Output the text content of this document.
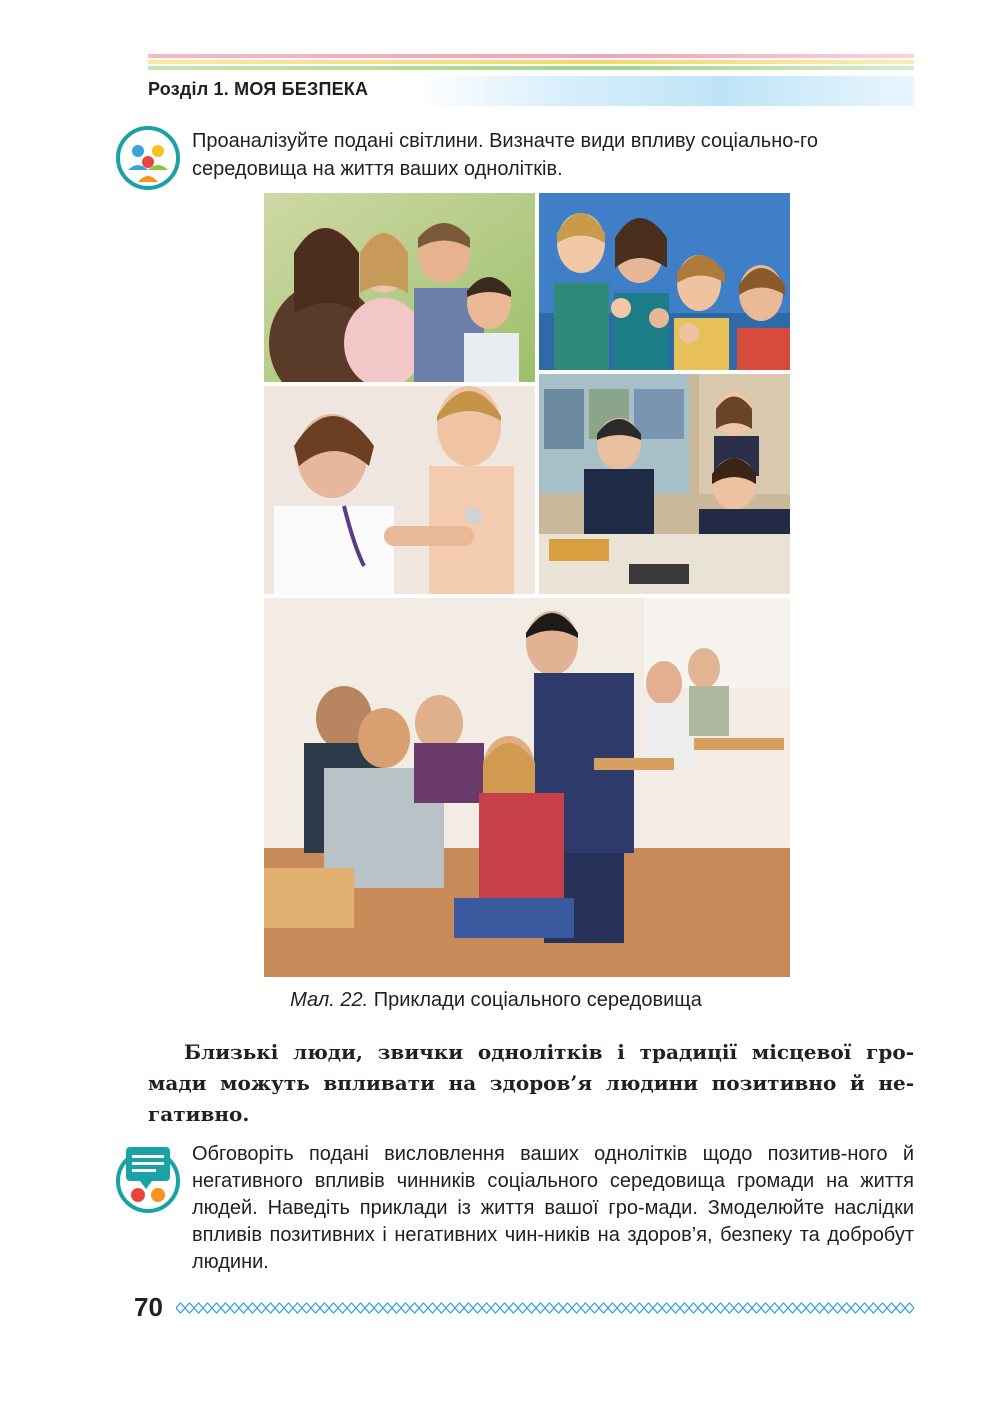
Розділ 1. МОЯ БЕЗПЕКА
Проаналізуйте подані світлини. Визначте види впливу соціально-го середовища на життя ваших однолітків.
Мал. 22. Приклади соціального середовища
Близькі люди, звички однолітків і традиції місцевої гро-мади можуть впливати на здоров’я людини позитивно й не-гативно.
Обговоріть подані висловлення ваших однолітків щодо позитив-ного й негативного впливів чинників соціального середовища громади на життя людей. Наведіть приклади із життя вашої гро-мади. Змоделюйте наслідки впливів позитивних і негативних чин-ників на здоров’я, безпеку та добробут людини.
70
